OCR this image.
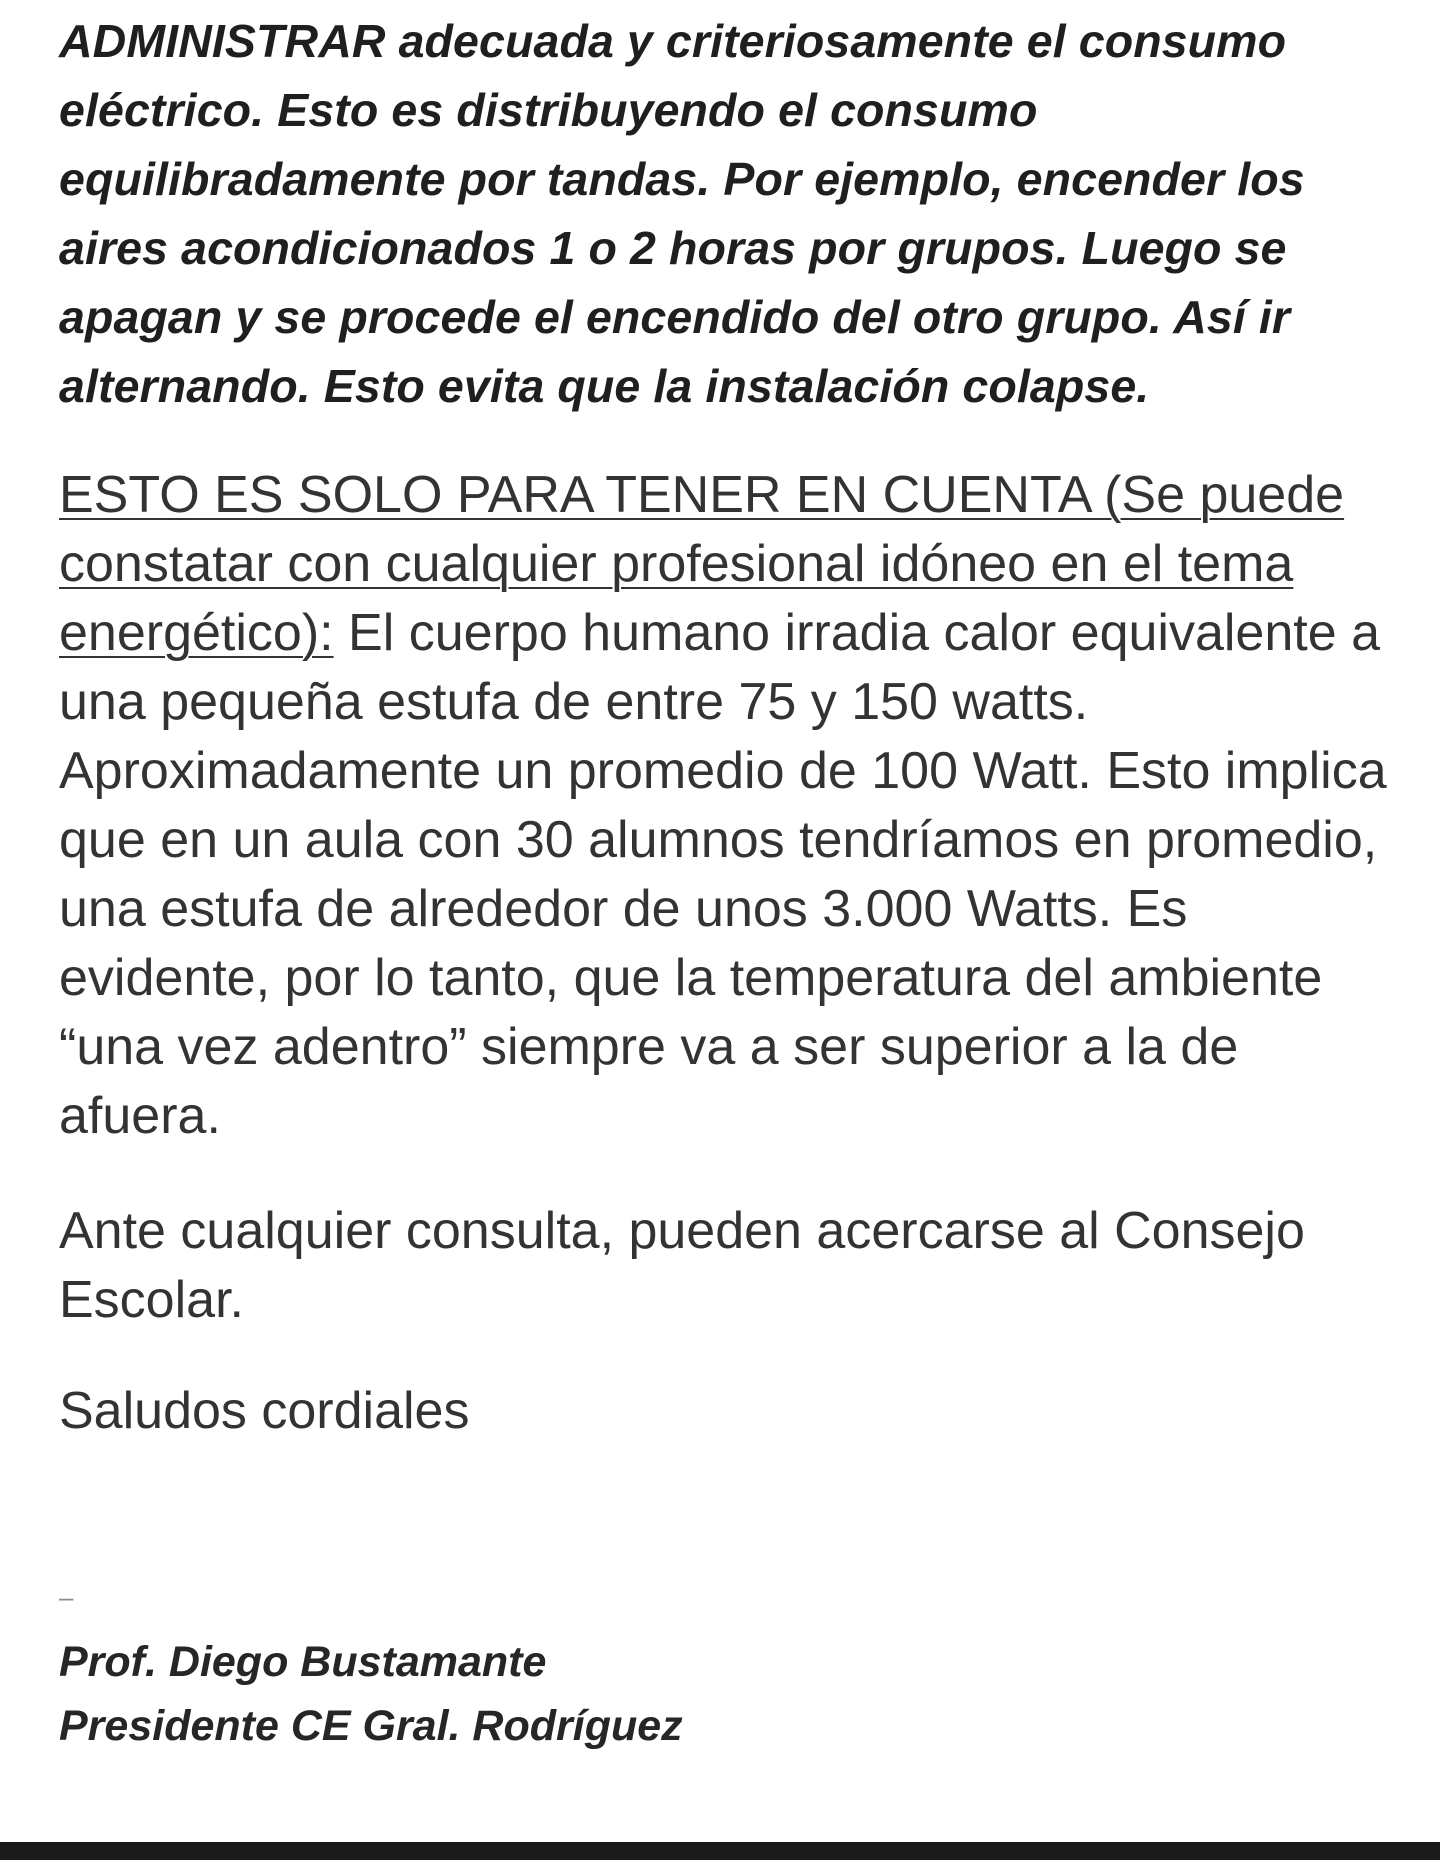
ADMINISTRAR adecuada y criteriosamente el consumo eléctrico. Esto es distribuyendo el consumo equilibradamente por tandas. Por ejemplo, encender los aires acondicionados 1 o 2 horas por grupos. Luego se apagan y se procede el encendido del otro grupo. Así ir alternando. Esto evita que la instalación colapse.

ESTO ES SOLO PARA TENER EN CUENTA (Se puede constatar con cualquier profesional idóneo en el tema energético): El cuerpo humano irradia calor equivalente a una pequeña estufa de entre 75 y 150 watts. Aproximadamente un promedio de 100 Watt. Esto implica que en un aula con 30 alumnos tendríamos en promedio, una estufa de alrededor de unos 3.000 Watts. Es evidente, por lo tanto, que la temperatura del ambiente “una vez adentro” siempre va a ser superior a la de afuera.

Ante cualquier consulta, pueden acercarse al Consejo Escolar.

Saludos cordiales

–

Prof. Diego Bustamante

Presidente CE Gral. Rodríguez
